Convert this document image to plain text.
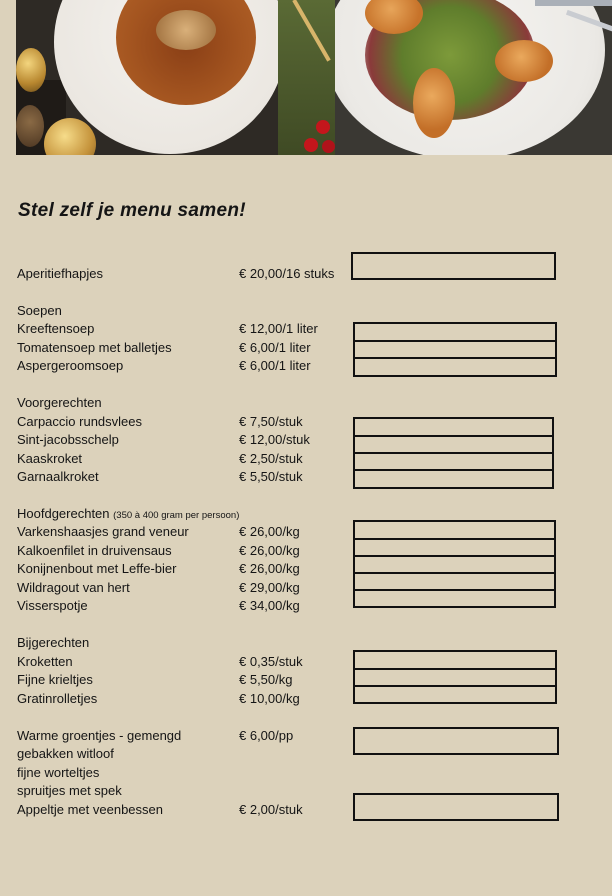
Stel zelf je menu samen!
Aperitiefhapjes	€ 20,00/16 stuks
Soepen
Kreeftensoep	€ 12,00/1 liter
Tomatensoep met balletjes	€ 6,00/1 liter
Aspergeroomsoep	€ 6,00/1 liter
Voorgerechten
Carpaccio rundsvlees	€ 7,50/stuk
Sint-jacobsschelp	€ 12,00/stuk
Kaaskroket	€ 2,50/stuk
Garnaalkroket	€ 5,50/stuk
Hoofdgerechten (350 à 400 gram per persoon)
Varkenshaasjes grand veneur	€ 26,00/kg
Kalkoenfilet in druivensaus	€ 26,00/kg
Konijnenbout met Leffe-bier	€ 26,00/kg
Wildragout van hert	€ 29,00/kg
Visserspotje	€ 34,00/kg
Bijgerechten
Kroketten	€ 0,35/stuk
Fijne krieltjes	€ 5,50/kg
Gratinrolletjes	€ 10,00/kg
Warme groentjes - gemengd	€ 6,00/pp
gebakken witloof
fijne worteltjes
spruitjes met spek
Appeltje met veenbessen	€ 2,00/stuk
